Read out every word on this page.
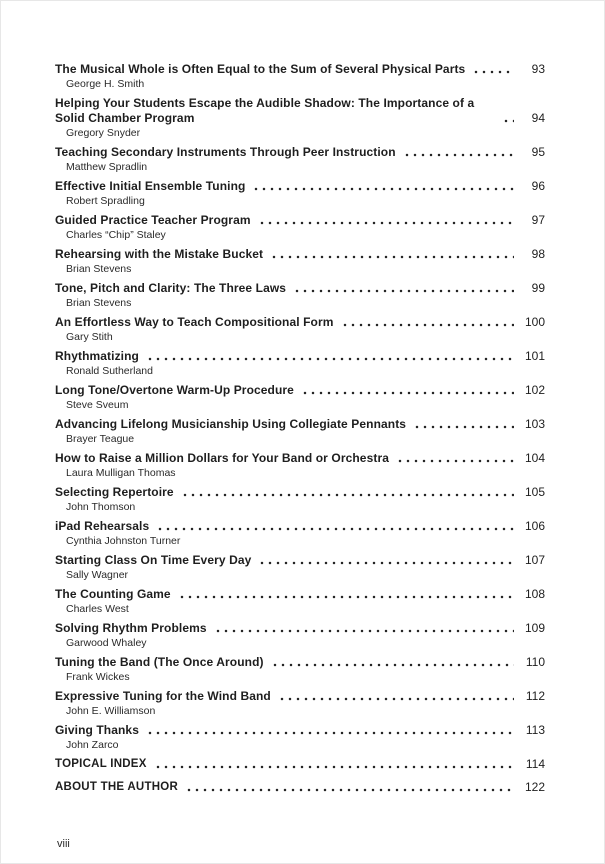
The Musical Whole is Often Equal to the Sum of Several Physical Parts	93
George H. Smith
Helping Your Students Escape the Audible Shadow: The Importance of a Solid Chamber Program	94
Gregory Snyder
Teaching Secondary Instruments Through Peer Instruction	95
Matthew Spradlin
Effective Initial Ensemble Tuning	96
Robert Spradling
Guided Practice Teacher Program	97
Charles “Chip” Staley
Rehearsing with the Mistake Bucket	98
Brian Stevens
Tone, Pitch and Clarity: The Three Laws	99
Brian Stevens
An Effortless Way to Teach Compositional Form	100
Gary Stith
Rhythmatizing	101
Ronald Sutherland
Long Tone/Overtone Warm-Up Procedure	102
Steve Sveum
Advancing Lifelong Musicianship Using Collegiate Pennants	103
Brayer Teague
How to Raise a Million Dollars for Your Band or Orchestra	104
Laura Mulligan Thomas
Selecting Repertoire	105
John Thomson
iPad Rehearsals	106
Cynthia Johnston Turner
Starting Class On Time Every Day	107
Sally Wagner
The Counting Game	108
Charles West
Solving Rhythm Problems	109
Garwood Whaley
Tuning the Band (The Once Around)	110
Frank Wickes
Expressive Tuning for the Wind Band	112
John E. Williamson
Giving Thanks	113
John Zarco
TOPICAL INDEX	114
ABOUT THE AUTHOR	122
viii
